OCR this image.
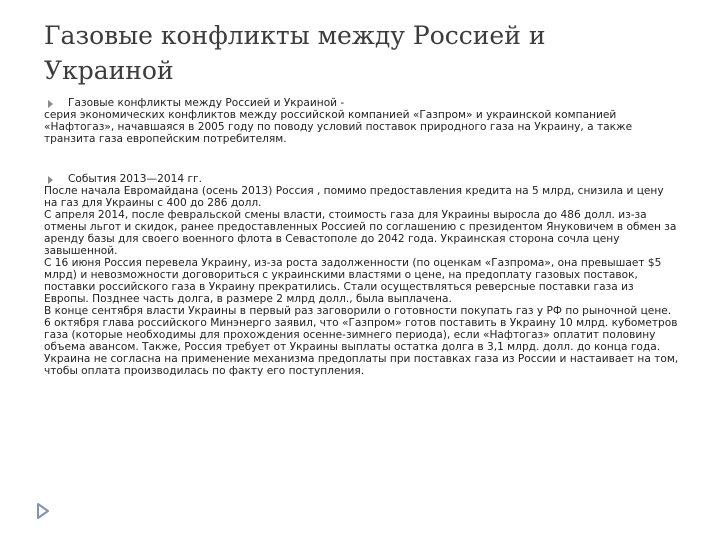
Газовые конфликты между Россией и Украиной
Газовые конфликты между Россией и Украиной -

серия экономических конфликтов между российской компанией «Газпром» и украинской компанией «Нафтогаз», начавшаяся в 2005 году по поводу условий поставок природного газа на Украину, а также транзита газа европейским потребителям.

События 2013—2014 гг.

После начала Евромайдана (осень 2013) Россия , помимо предоставления кредита на 5 млрд, снизила и цену на газ для Украины с 400 до 286 долл.

С апреля 2014, после февральской смены власти, стоимость газа для Украины выросла до 486 долл. из-за отмены льгот и скидок, ранее предоставленных Россией по соглашению с президентом Януковичем в обмен за аренду базы для своего военного флота в Севастополе до 2042 года. Украинская сторона сочла цену завышенной.

С 16 июня Россия перевела Украину, из-за роста задолженности (по оценкам «Газпрома», она превышает $5 млрд) и невозможности договориться с украинскими властями о цене, на предоплату газовых поставок, поставки российского газа в Украину прекратились. Стали осуществляться реверсные поставки газа из Европы. Позднее часть долга, в размере 2 млрд долл., была выплачена.

В конце сентября власти Украины в первый раз заговорили о готовности покупать газ у РФ по рыночной цене. 6 октября глава российского Минэнерго заявил, что «Газпром» готов поставить в Украину 10 млрд. кубометров газа (которые необходимы для прохождения осенне-зимнего периода), если «Нафтогаз» оплатит половину объема авансом. Также, Россия требует от Украины выплаты остатка долга в 3,1 млрд. долл. до конца года. Украина не согласна на применение механизма предоплаты при поставках газа из России и настаивает на том, чтобы оплата производилась по факту его поступления.
